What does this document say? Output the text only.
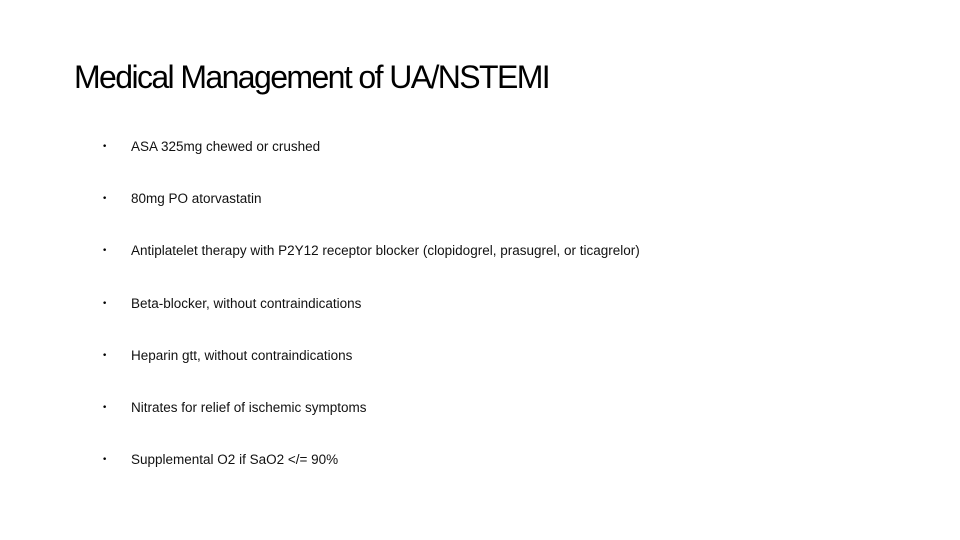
Medical Management of UA/NSTEMI
• ASA 325mg chewed or crushed
• 80mg PO atorvastatin
• Antiplatelet therapy with P2Y12 receptor blocker (clopidogrel, prasugrel, or ticagrelor)
• Beta-blocker, without contraindications
• Heparin gtt, without contraindications
• Nitrates for relief of ischemic symptoms
• Supplemental O2 if SaO2 </= 90%
